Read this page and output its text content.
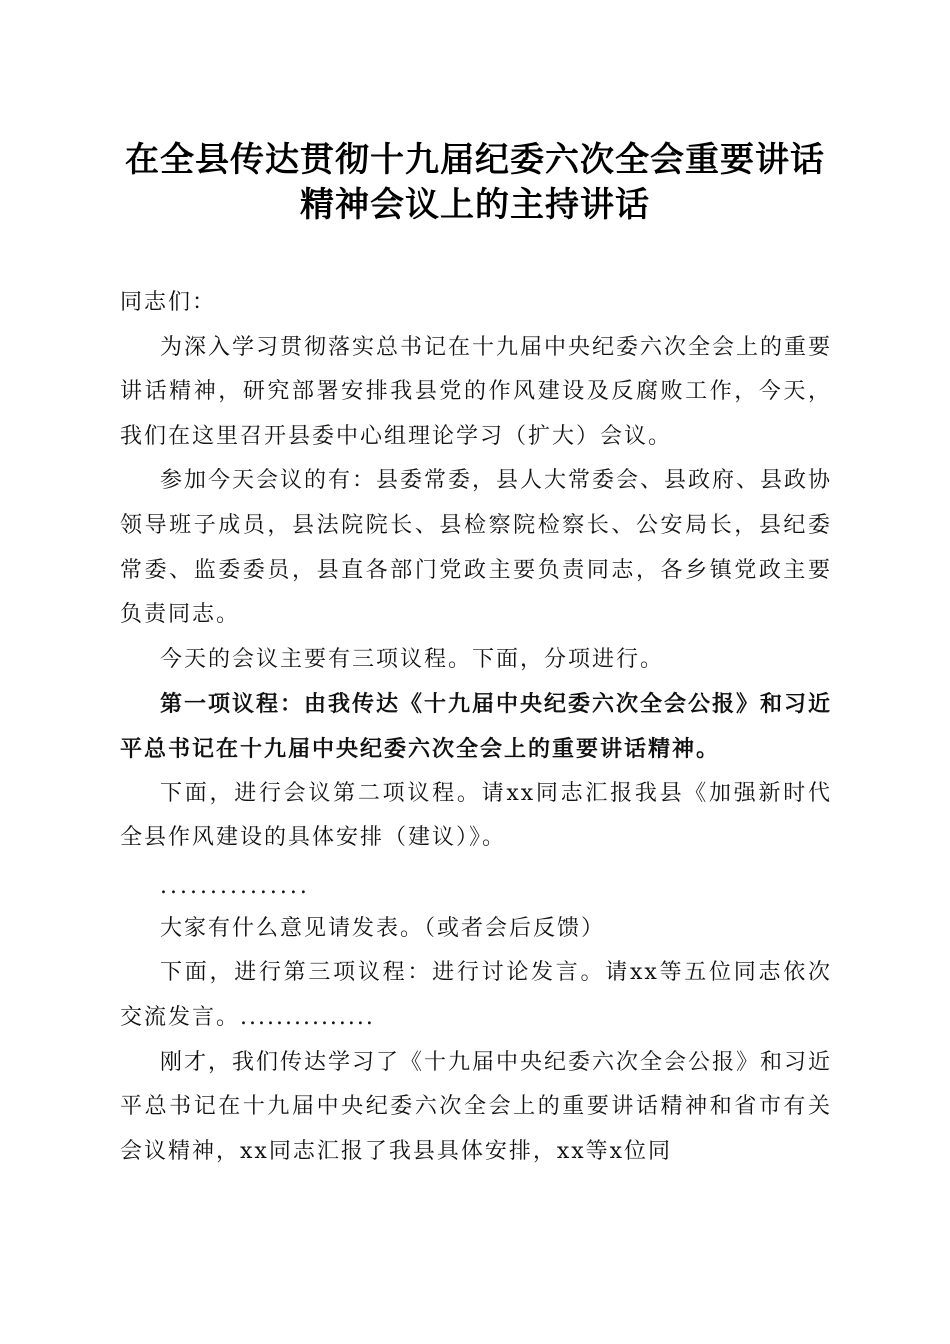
在全县传达贯彻十九届纪委六次全会重要讲话
精神会议上的主持讲话

同志们：

为深入学习贯彻落实总书记在十九届中央纪委六次全会上的重要讲话精神，研究部署安排我县党的作风建设及反腐败工作，今天，我们在这里召开县委中心组理论学习（扩大）会议。

参加今天会议的有：县委常委，县人大常委会、县政府、县政协领导班子成员，县法院院长、县检察院检察长、公安局长，县纪委常委、监委委员，县直各部门党政主要负责同志，各乡镇党政主要负责同志。

今天的会议主要有三项议程。下面，分项进行。

第一项议程：由我传达《十九届中央纪委六次全会公报》和习近平总书记在十九届中央纪委六次全会上的重要讲话精神。

下面，进行会议第二项议程。请xx同志汇报我县《加强新时代全县作风建设的具体安排（建议）》。

...............

大家有什么意见请发表。（或者会后反馈）

下面，进行第三项议程：进行讨论发言。请xx等五位同志依次交流发言。...............

刚才，我们传达学习了《十九届中央纪委六次全会公报》和习近平总书记在十九届中央纪委六次全会上的重要讲话精神和省市有关会议精神，xx同志汇报了我县具体安排，xx等x位同
